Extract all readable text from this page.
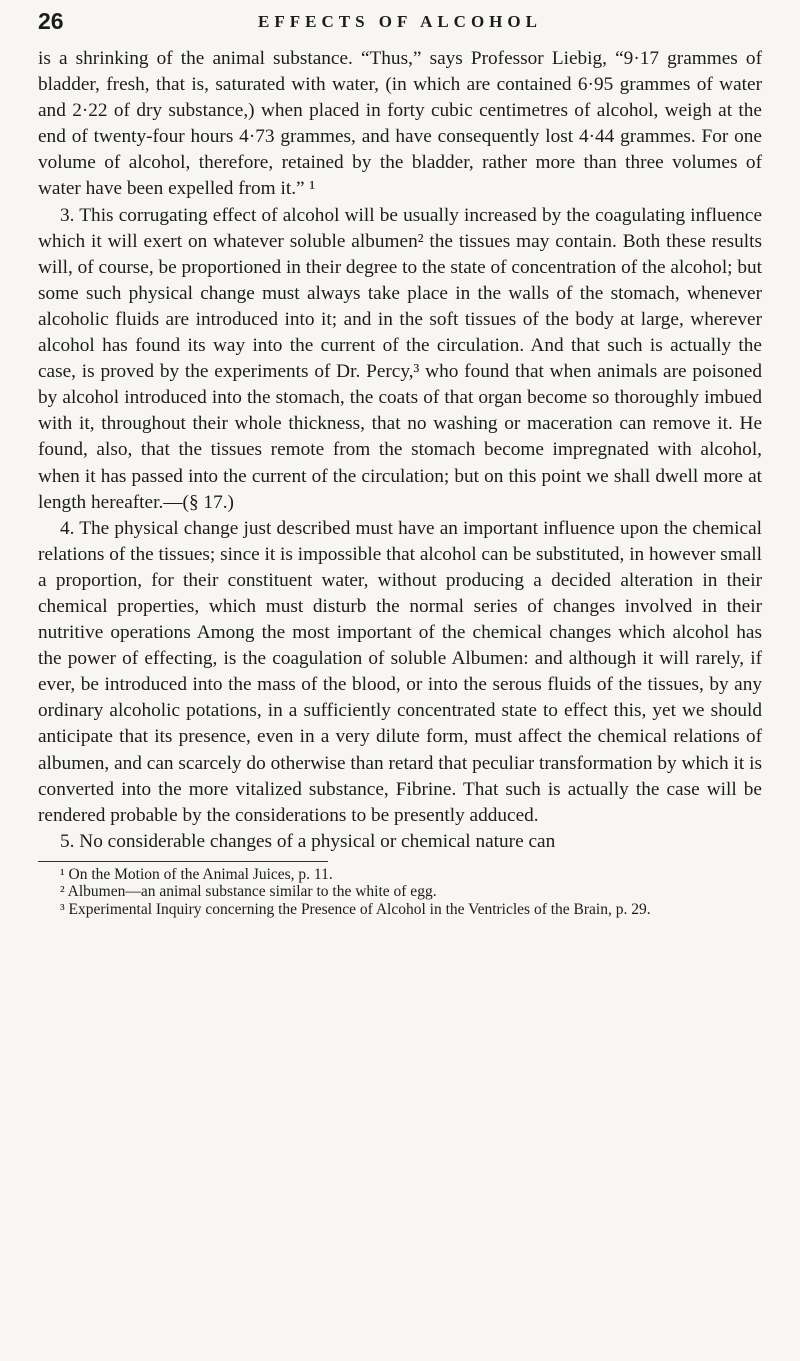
26	EFFECTS OF ALCOHOL

is a shrinking of the animal substance. “Thus,” says Professor Liebig, “9·17 grammes of bladder, fresh, that is, saturated with water, (in which are contained 6·95 grammes of water and 2·22 of dry substance,) when placed in forty cubic centimetres of alcohol, weigh at the end of twenty-four hours 4·73 grammes, and have consequently lost 4·44 grammes. For one volume of alcohol, therefore, retained by the bladder, rather more than three volumes of water have been expelled from it.” ¹

3. This corrugating effect of alcohol will be usually increased by the coagulating influence which it will exert on whatever soluble albumen² the tissues may contain. Both these results will, of course, be proportioned in their degree to the state of concentration of the alcohol; but some such physical change must always take place in the walls of the stomach, whenever alcoholic fluids are introduced into it; and in the soft tissues of the body at large, wherever alcohol has found its way into the current of the circulation. And that such is actually the case, is proved by the experiments of Dr. Percy,³ who found that when animals are poisoned by alcohol introduced into the stomach, the coats of that organ become so thoroughly imbued with it, throughout their whole thickness, that no washing or maceration can remove it. He found, also, that the tissues remote from the stomach become impregnated with alcohol, when it has passed into the current of the circulation; but on this point we shall dwell more at length hereafter.—(§ 17.)

4. The physical change just described must have an important influence upon the chemical relations of the tissues; since it is impossible that alcohol can be substituted, in however small a proportion, for their constituent water, without producing a decided alteration in their chemical properties, which must disturb the normal series of changes involved in their nutritive operations Among the most important of the chemical changes which alcohol has the power of effecting, is the coagulation of soluble Albumen: and although it will rarely, if ever, be introduced into the mass of the blood, or into the serous fluids of the tissues, by any ordinary alcoholic potations, in a sufficiently concentrated state to effect this, yet we should anticipate that its presence, even in a very dilute form, must affect the chemical relations of albumen, and can scarcely do otherwise than retard that peculiar transformation by which it is converted into the more vitalized substance, Fibrine. That such is actually the case will be rendered probable by the considerations to be presently adduced.

5. No considerable changes of a physical or chemical nature can

¹ On the Motion of the Animal Juices, p. 11.

² Albumen—an animal substance similar to the white of egg.

³ Experimental Inquiry concerning the Presence of Alcohol in the Ventricles of the Brain, p. 29.
